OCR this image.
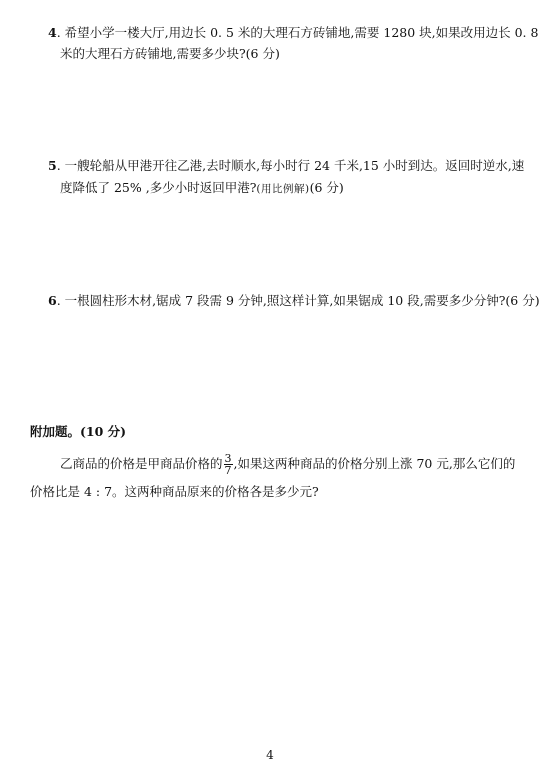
4. 希望小学一楼大厅,用边长 0. 5 米的大理石方砖铺地,需要 1280 块,如果改用边长 0. 8
米的大理石方砖铺地,需要多少块?(6 分)
5. 一艘轮船从甲港开往乙港,去时顺水,每小时行 24 千米,15 小时到达。返回时逆水,速
度降低了 25% ,多少小时返回甲港?(用比例解)(6 分)
6. 一根圆柱形木材,锯成 7 段需 9 分钟,照这样计算,如果锯成 10 段,需要多少分钟?(6 分)
附加题。(10 分)
乙商品的价格是甲商品价格的 $\frac{3}{7}$ ,如果这两种商品的价格分别上涨 70 元,那么它们的
价格比是 4 : 7。这两种商品原来的价格各是多少元?
4
